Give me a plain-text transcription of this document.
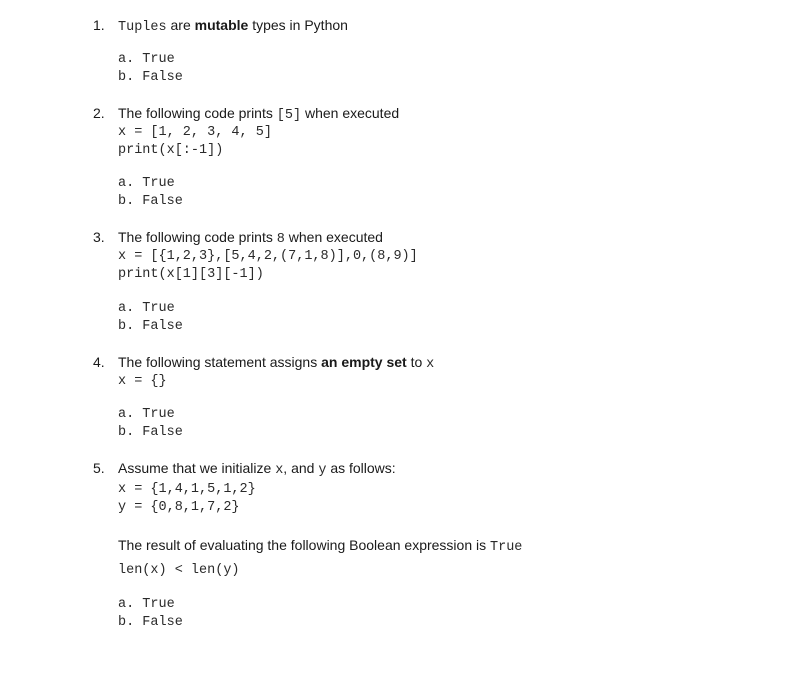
1. Tuples are mutable types in Python
a. True
b. False
2. The following code prints [5] when executed
x = [1, 2, 3, 4, 5]
print(x[:-1])
a. True
b. False
3. The following code prints 8 when executed
x = [{1,2,3},[5,4,2,(7,1,8)],0,(8,9)]
print(x[1][3][-1])
a. True
b. False
4. The following statement assigns an empty set to x
x = {}
a. True
b. False
5. Assume that we initialize x, and y as follows:
x = {1,4,1,5,1,2}
y = {0,8,1,7,2}
The result of evaluating the following Boolean expression is True
len(x) < len(y)
a. True
b. False
